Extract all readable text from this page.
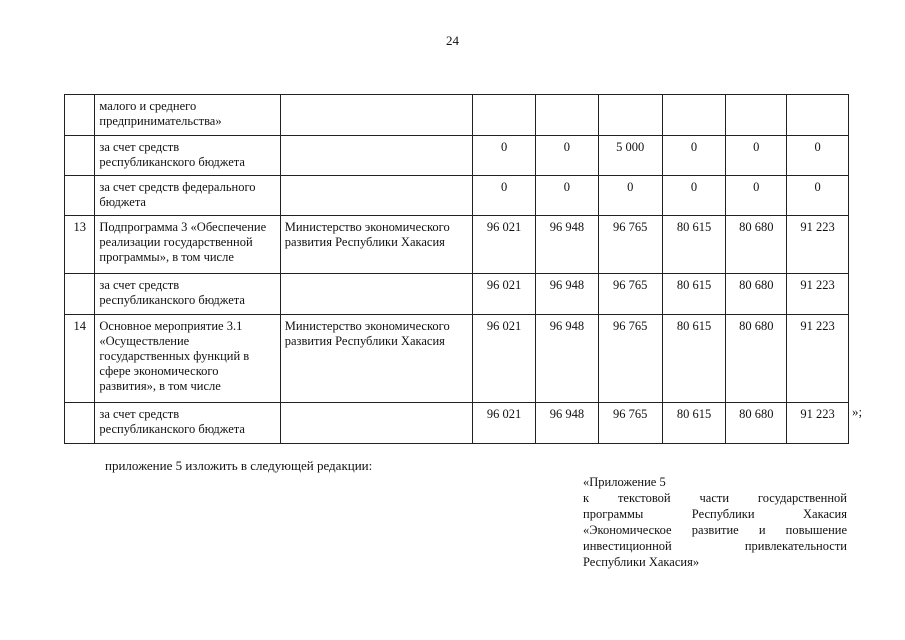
24
	малого и среднего предпринимательства»							
	за счет средств республиканского бюджета		0	0	5 000	0	0	0
	за счет средств федерального бюджета		0	0	0	0	0	0
13	Подпрограмма 3 «Обеспечение реализации государственной программы», в том числе	Министерство экономического развития Республики Хакасия	96 021	96 948	96 765	80 615	80 680	91 223
	за счет средств республиканского бюджета		96 021	96 948	96 765	80 615	80 680	91 223
14	Основное мероприятие 3.1 «Осуществление государственных функций в сфере экономического развития», в том числе	Министерство экономического развития Республики Хакасия	96 021	96 948	96 765	80 615	80 680	91 223
	за счет средств республиканского бюджета		96 021	96 948	96 765	80 615	80 680	91 223 »;
приложение 5 изложить в следующей редакции:
«Приложение 5
к текстовой части государственной
программы Республики Хакасия
«Экономическое развитие и повышение
инвестиционной привлекательности
Республики Хакасия»
